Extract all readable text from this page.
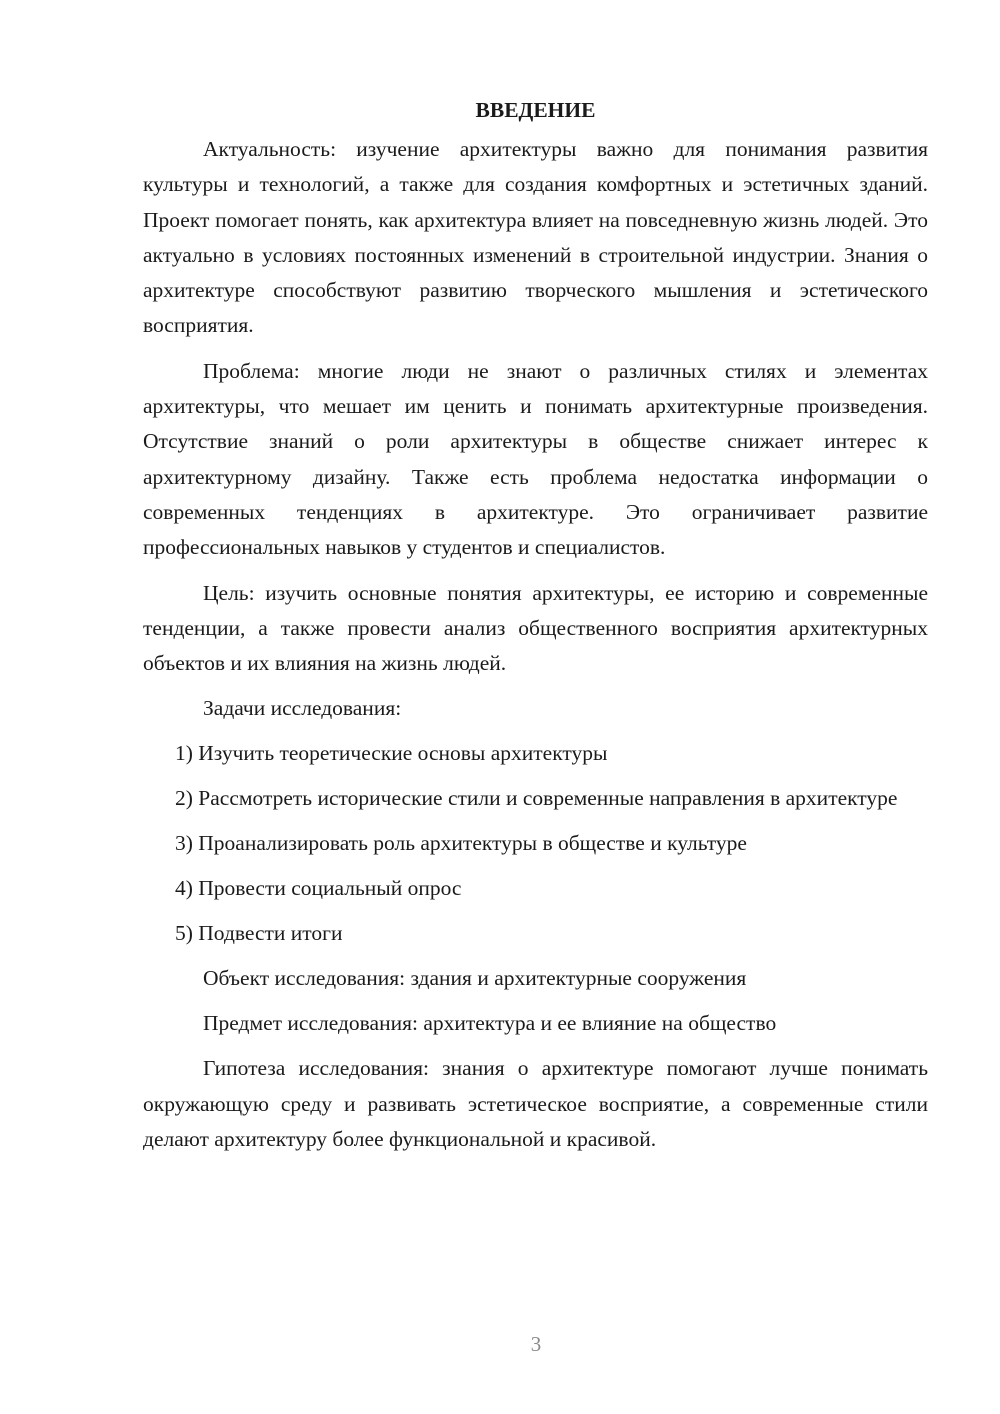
ВВЕДЕНИЕ

Актуальность: изучение архитектуры важно для понимания развития культуры и технологий, а также для создания комфортных и эстетичных зданий. Проект помогает понять, как архитектура влияет на повседневную жизнь людей. Это актуально в условиях постоянных изменений в строительной индустрии. Знания о архитектуре способствуют развитию творческого мышления и эстетического восприятия.

Проблема: многие люди не знают о различных стилях и элементах архитектуры, что мешает им ценить и понимать архитектурные произведения. Отсутствие знаний о роли архитектуры в обществе снижает интерес к архитектурному дизайну. Также есть проблема недостатка информации о современных тенденциях в архитектуре. Это ограничивает развитие профессиональных навыков у студентов и специалистов.

Цель: изучить основные понятия архитектуры, ее историю и современные тенденции, а также провести анализ общественного восприятия архитектурных объектов и их влияния на жизнь людей.

Задачи исследования:

1) Изучить теоретические основы архитектуры

2) Рассмотреть исторические стили и современные направления в архитектуре

3) Проанализировать роль архитектуры в обществе и культуре

4) Провести социальный опрос

5) Подвести итоги

Объект исследования: здания и архитектурные сооружения

Предмет исследования: архитектура и ее влияние на общество

Гипотеза исследования: знания о архитектуре помогают лучше понимать окружающую среду и развивать эстетическое восприятие, а современные стили делают архитектуру более функциональной и красивой.

3
